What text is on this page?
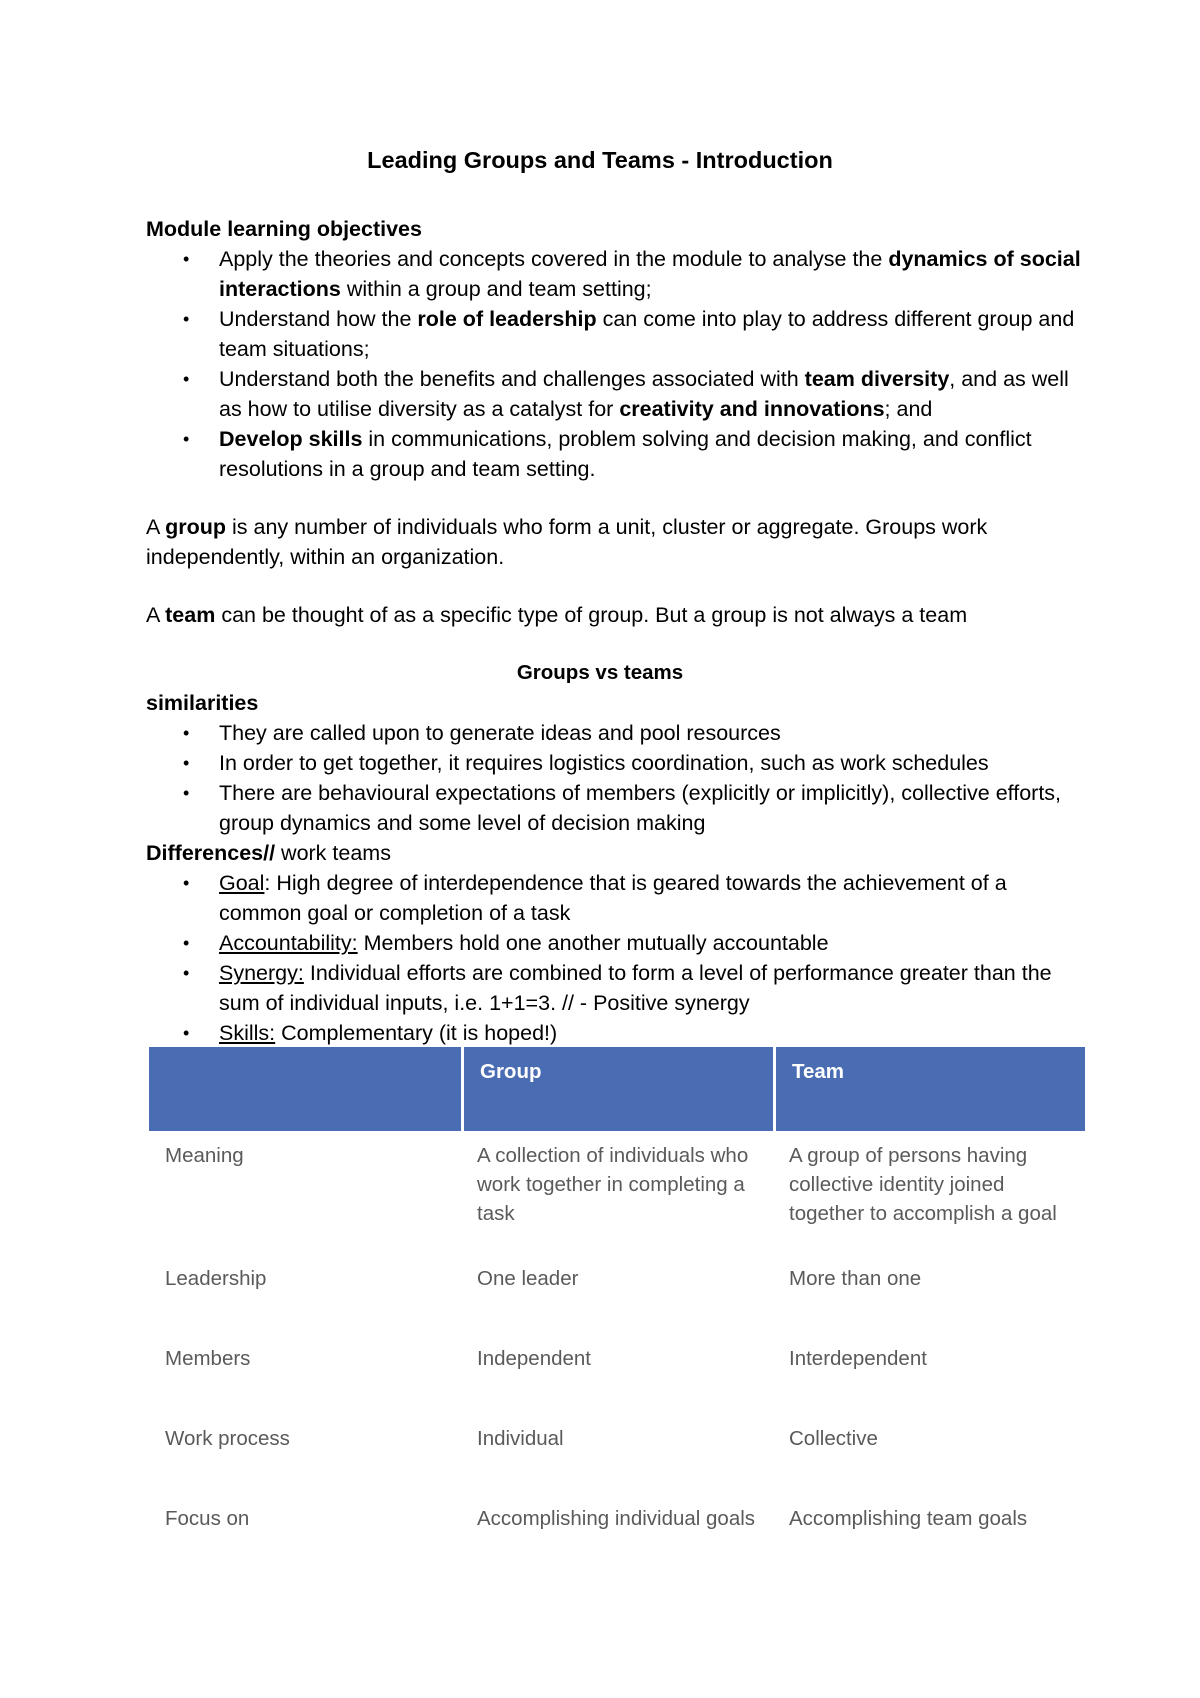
Leading Groups and Teams - Introduction
Module learning objectives
• Apply the theories and concepts covered in the module to analyse the dynamics of social interactions within a group and team setting;
• Understand how the role of leadership can come into play to address different group and team situations;
• Understand both the benefits and challenges associated with team diversity, and as well as how to utilise diversity as a catalyst for creativity and innovations; and
• Develop skills in communications, problem solving and decision making, and conflict resolutions in a group and team setting.

A group is any number of individuals who form a unit, cluster or aggregate. Groups work independently, within an organization.

A team can be thought of as a specific type of group. But a group is not always a team

Groups vs teams
similarities
• They are called upon to generate ideas and pool resources
• In order to get together, it requires logistics coordination, such as work schedules
• There are behavioural expectations of members (explicitly or implicitly), collective efforts, group dynamics and some level of decision making
Differences// work teams
• Goal: High degree of interdependence that is geared towards the achievement of a common goal or completion of a task
• Accountability: Members hold one another mutually accountable
• Synergy: Individual efforts are combined to form a level of performance greater than the sum of individual inputs, i.e. 1+1=3. // - Positive synergy
• Skills: Complementary (it is hoped!)
	Group	Team
Meaning	A collection of individuals who work together in completing a task	A group of persons having collective identity joined together to accomplish a goal
Leadership	One leader	More than one
Members	Independent	Interdependent
Work process	Individual	Collective
Focus on	Accomplishing individual goals	Accomplishing team goals
